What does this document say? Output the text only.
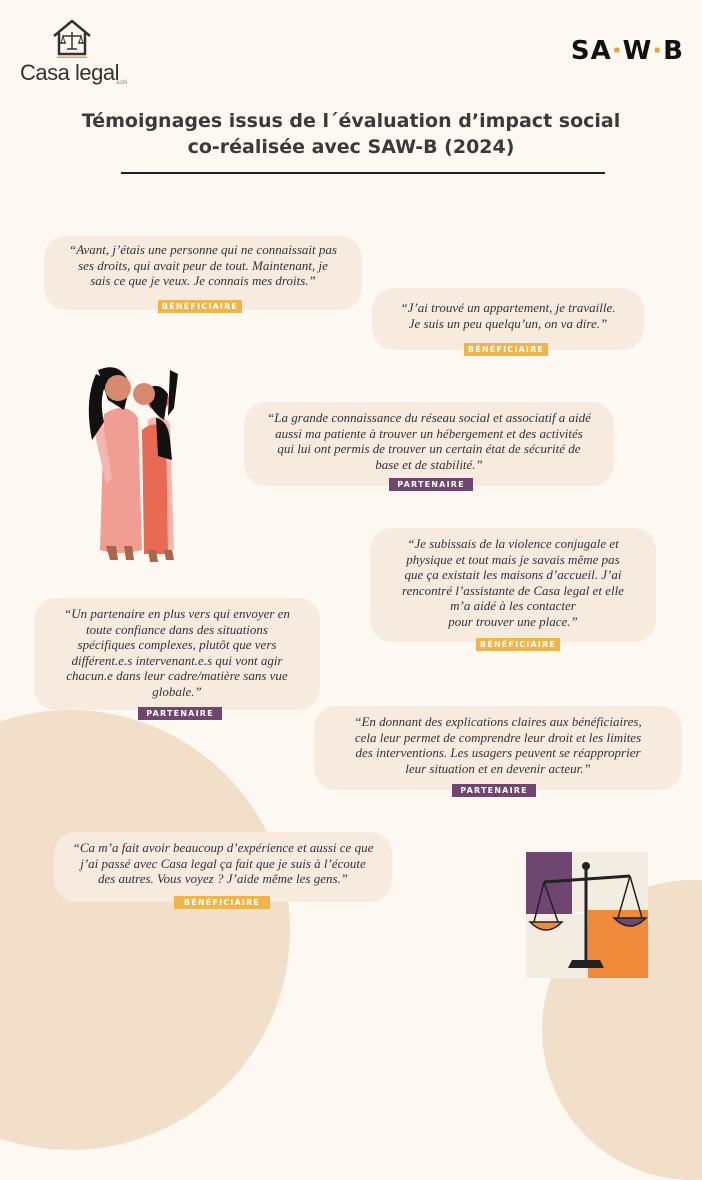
Casa legal
asbl
SA·W·B
Témoignages issus de l´évaluation d’impact social
co-réalisée avec SAW-B (2024)
“Avant, j’étais une personne qui ne connaissait pas
ses droits, qui avait peur de tout. Maintenant, je
sais ce que je veux. Je connais mes droits.”
BÉNÉFICIAIRE	“J’ai trouvé un appartement, je travaille.
Je suis un peu quelqu’un, on va dire.”
BÉNÉFICIAIRE
“La grande connaissance du réseau social et associatif a aidé
aussi ma patiente à trouver un hébergement et des activités
qui lui ont permis de trouver un certain état de sécurité de
base et de stabilité.”
PARTENAIRE
“Je subissais de la violence conjugale et
physique et tout mais je savais même pas
que ça existait les maisons d’accueil. J’ai
rencontré l’assistante de Casa legal et elle
m’a aidé à les contacter
pour trouver une place.”
BÉNÉFICIAIRE
“Un partenaire en plus vers qui envoyer en
toute confiance dans des situations
spécifiques complexes, plutôt que vers
différent.e.s intervenant.e.s qui vont agir
chacun.e dans leur cadre/matière sans vue
globale.”
PARTENAIRE
“En donnant des explications claires aux bénéficiaires,
cela leur permet de comprendre leur droit et les limites
des interventions. Les usagers peuvent se réapproprier
leur situation et en devenir acteur.”
PARTENAIRE
“Ca m’a fait avoir beaucoup d’expérience et aussi ce que
j’ai passé avec Casa legal ça fait que je suis à l’écoute
des autres. Vous voyez ? J’aide même les gens.”
BÉNÉFICIAIRE
